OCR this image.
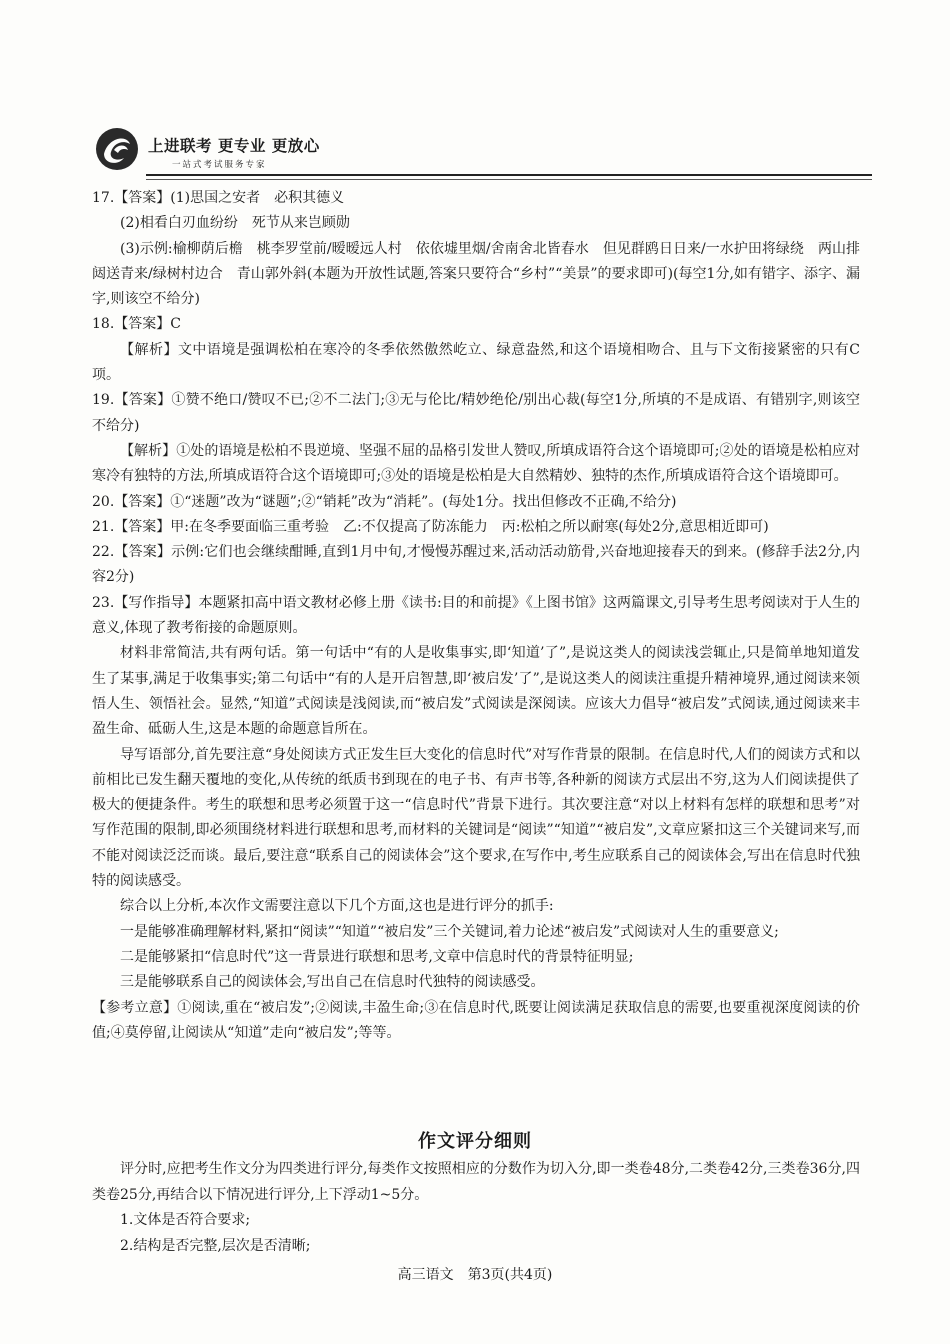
上进联考 更专业 更放心
一站式考试服务专家

17.【答案】(1)思国之安者　必积其德义

(2)相看白刃血纷纷　死节从来岂顾勋

(3)示例:榆柳荫后檐　桃李罗堂前/暧暧远人村　依依墟里烟/舍南舍北皆春水　但见群鸥日日来/一水护田将绿绕　两山排闼送青来/绿树村边合　青山郭外斜(本题为开放性试题,答案只要符合“乡村”“美景”的要求即可)(每空1分,如有错字、添字、漏字,则该空不给分)

18.【答案】C

【解析】文中语境是强调松柏在寒冷的冬季依然傲然屹立、绿意盎然,和这个语境相吻合、且与下文衔接紧密的只有C项。

19.【答案】①赞不绝口/赞叹不已;②不二法门;③无与伦比/精妙绝伦/别出心裁(每空1分,所填的不是成语、有错别字,则该空不给分)

【解析】①处的语境是松柏不畏逆境、坚强不屈的品格引发世人赞叹,所填成语符合这个语境即可;②处的语境是松柏应对寒冷有独特的方法,所填成语符合这个语境即可;③处的语境是松柏是大自然精妙、独特的杰作,所填成语符合这个语境即可。

20.【答案】①“迷题”改为“谜题”;②“销耗”改为“消耗”。(每处1分。找出但修改不正确,不给分)

21.【答案】甲:在冬季要面临三重考验　乙:不仅提高了防冻能力　丙:松柏之所以耐寒(每处2分,意思相近即可)

22.【答案】示例:它们也会继续酣睡,直到1月中旬,才慢慢苏醒过来,活动活动筋骨,兴奋地迎接春天的到来。(修辞手法2分,内容2分)

23.【写作指导】本题紧扣高中语文教材必修上册《读书:目的和前提》《上图书馆》这两篇课文,引导考生思考阅读对于人生的意义,体现了教考衔接的命题原则。

材料非常简洁,共有两句话。第一句话中“有的人是收集事实,即‘知道’了”,是说这类人的阅读浅尝辄止,只是简单地知道发生了某事,满足于收集事实;第二句话中“有的人是开启智慧,即‘被启发’了”,是说这类人的阅读注重提升精神境界,通过阅读来领悟人生、领悟社会。显然,“知道”式阅读是浅阅读,而“被启发”式阅读是深阅读。应该大力倡导“被启发”式阅读,通过阅读来丰盈生命、砥砺人生,这是本题的命题意旨所在。

导写语部分,首先要注意“身处阅读方式正发生巨大变化的信息时代”对写作背景的限制。在信息时代,人们的阅读方式和以前相比已发生翻天覆地的变化,从传统的纸质书到现在的电子书、有声书等,各种新的阅读方式层出不穷,这为人们阅读提供了极大的便捷条件。考生的联想和思考必须置于这一“信息时代”背景下进行。其次要注意“对以上材料有怎样的联想和思考”对写作范围的限制,即必须围绕材料进行联想和思考,而材料的关键词是“阅读”“知道”“被启发”,文章应紧扣这三个关键词来写,而不能对阅读泛泛而谈。最后,要注意“联系自己的阅读体会”这个要求,在写作中,考生应联系自己的阅读体会,写出在信息时代独特的阅读感受。

综合以上分析,本次作文需要注意以下几个方面,这也是进行评分的抓手:

一是能够准确理解材料,紧扣“阅读”“知道”“被启发”三个关键词,着力论述“被启发”式阅读对人生的重要意义;

二是能够紧扣“信息时代”这一背景进行联想和思考,文章中信息时代的背景特征明显;

三是能够联系自己的阅读体会,写出自己在信息时代独特的阅读感受。

【参考立意】①阅读,重在“被启发”;②阅读,丰盈生命;③在信息时代,既要让阅读满足获取信息的需要,也要重视深度阅读的价值;④莫停留,让阅读从“知道”走向“被启发”;等等。

作文评分细则

评分时,应把考生作文分为四类进行评分,每类作文按照相应的分数作为切入分,即一类卷48分,二类卷42分,三类卷36分,四类卷25分,再结合以下情况进行评分,上下浮动1~5分。

1.文体是否符合要求;

2.结构是否完整,层次是否清晰;

高三语文　第3页(共4页)
